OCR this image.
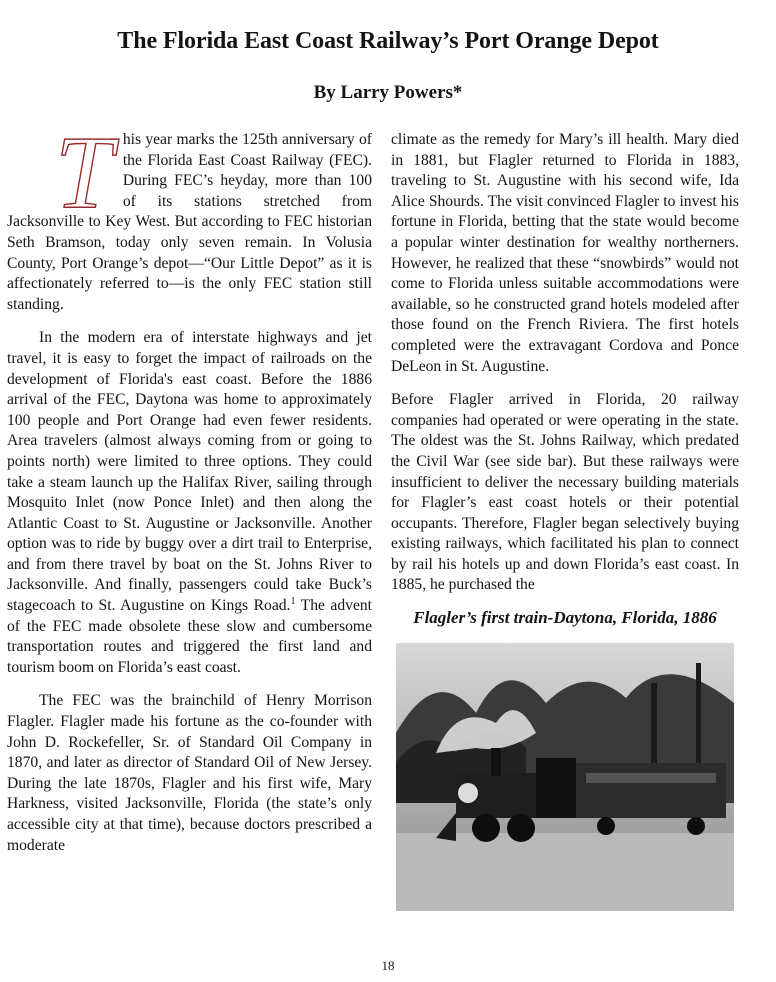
The Florida East Coast Railway’s Port Orange Depot
By Larry Powers*

This year marks the 125th anniversary of the Florida East Coast Railway (FEC). During FEC’s heyday, more than 100 of its stations stretched from Jacksonville to Key West. But according to FEC historian Seth Bramson, today only seven remain. In Volusia County, Port Orange’s depot—“Our Little Depot” as it is affectionately referred to—is the only FEC station still standing.

In the modern era of interstate highways and jet travel, it is easy to forget the impact of railroads on the development of Florida's east coast. Before the 1886 arrival of the FEC, Daytona was home to approximately 100 people and Port Orange had even fewer residents. Area travelers (almost always coming from or going to points north) were limited to three options. They could take a steam launch up the Halifax River, sailing through Mosquito Inlet (now Ponce Inlet) and then along the Atlantic Coast to St. Augustine or Jacksonville. Another option was to ride by buggy over a dirt trail to Enterprise, and from there travel by boat on the St. Johns River to Jacksonville. And finally, passengers could take Buck’s stagecoach to St. Augustine on Kings Road.$^1$ The advent of the FEC made obsolete these slow and cumbersome transportation routes and triggered the first land and tourism boom on Florida’s east coast.

The FEC was the brainchild of Henry Morrison Flagler. Flagler made his fortune as the co-founder with John D. Rockefeller, Sr. of Standard Oil Company in 1870, and later as director of Standard Oil of New Jersey. During the late 1870s, Flagler and his first wife, Mary Harkness, visited Jacksonville, Florida (the state’s only accessible city at that time), because doctors prescribed a moderate

climate as the remedy for Mary’s ill health. Mary died in 1881, but Flagler returned to Florida in 1883, traveling to St. Augustine with his second wife, Ida Alice Shourds. The visit convinced Flagler to invest his fortune in Florida, betting that the state would become a popular winter destination for wealthy northerners. However, he realized that these “snowbirds” would not come to Florida unless suitable accommodations were available, so he constructed grand hotels modeled after those found on the French Riviera. The first hotels completed were the extravagant Cordova and Ponce DeLeon in St. Augustine.

Before Flagler arrived in Florida, 20 railway companies had operated or were operating in the state. The oldest was the St. Johns Railway, which predated the Civil War (see side bar). But these railways were insufficient to deliver the necessary building materials for Flagler’s east coast hotels or their potential occupants. Therefore, Flagler began selectively buying existing railways, which facilitated his plan to connect by rail his hotels up and down Florida’s east coast. In 1885, he purchased the

Flagler’s first train-Daytona, Florida, 1886
18
